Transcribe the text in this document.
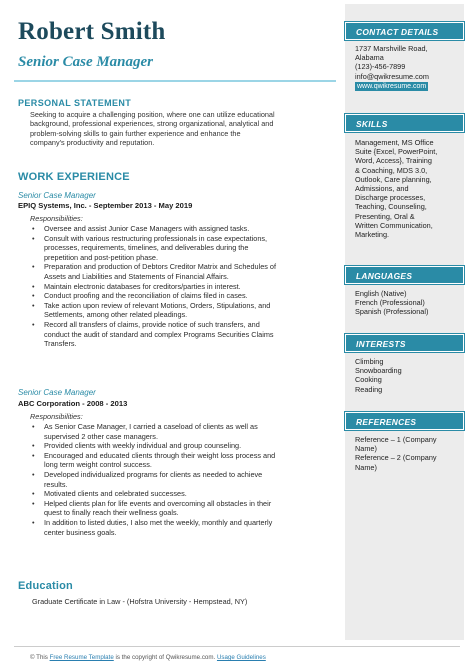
Robert Smith
Senior Case Manager
PERSONAL STATEMENT
Seeking to acquire a challenging position, where one can utilize educational
background, professional experiences, strong organizational, analytical and
problem-solving skills to gain further experience and enhance the
company's productivity and reputation.
WORK EXPERIENCE
Senior Case Manager
EPIQ Systems, Inc. - September 2013 - May 2019
Responsibilities:
• Oversee and assist Junior Case Managers with assigned tasks.
• Consult with various restructuring professionals in case expectations,
processes, requirements, timelines, and deliverables during the
prepetition and post-petition phase.
• Preparation and production of Debtors Creditor Matrix and Schedules of
Assets and Liabilities and Statements of Financial Affairs.
• Maintain electronic databases for creditors/parties in interest.
• Conduct proofing and the reconciliation of claims filed in cases.
• Take action upon review of relevant Motions, Orders, Stipulations, and
Settlements, among other related pleadings.
• Record all transfers of claims, provide notice of such transfers, and
conduct the audit of standard and complex Programs Securities Claims
Transfers.
Senior Case Manager
ABC Corporation - 2008 - 2013
Responsibilities:
• As Senior Case Manager, I carried a caseload of clients as well as
supervised 2 other case managers.
• Provided clients with weekly individual and group counseling.
• Encouraged and educated clients through their weight loss process and
long term weight control success.
• Developed individualized programs for clients as needed to achieve
results.
• Motivated clients and celebrated successes.
• Helped clients plan for life events and overcoming all obstacles in their
quest to finally reach their wellness goals.
• In addition to listed duties, I also met the weekly, monthly and quarterly
center business goals.
Education
Graduate Certificate in Law - (Hofstra University - Hempstead, NY)
© This Free Resume Template is the copyright of Qwikresume.com. Usage Guidelines
CONTACT DETAILS
1737 Marshville Road,
Alabama
(123)-456-7899
info@qwikresume.com
www.qwikresume.com
SKILLS
Management, MS Office
Suite {Excel, PowerPoint,
Word, Access}, Training
& Coaching, MDS 3.0,
Outlook, Care planning,
Admissions, and
Discharge processes,
Teaching, Counseling,
Presenting, Oral &
Written Communication,
Marketing.
LANGUAGES
English (Native)
French (Professional)
Spanish (Professional)
INTERESTS
Climbing
Snowboarding
Cooking
Reading
REFERENCES
Reference – 1 (Company
Name)
Reference – 2 (Company
Name)
